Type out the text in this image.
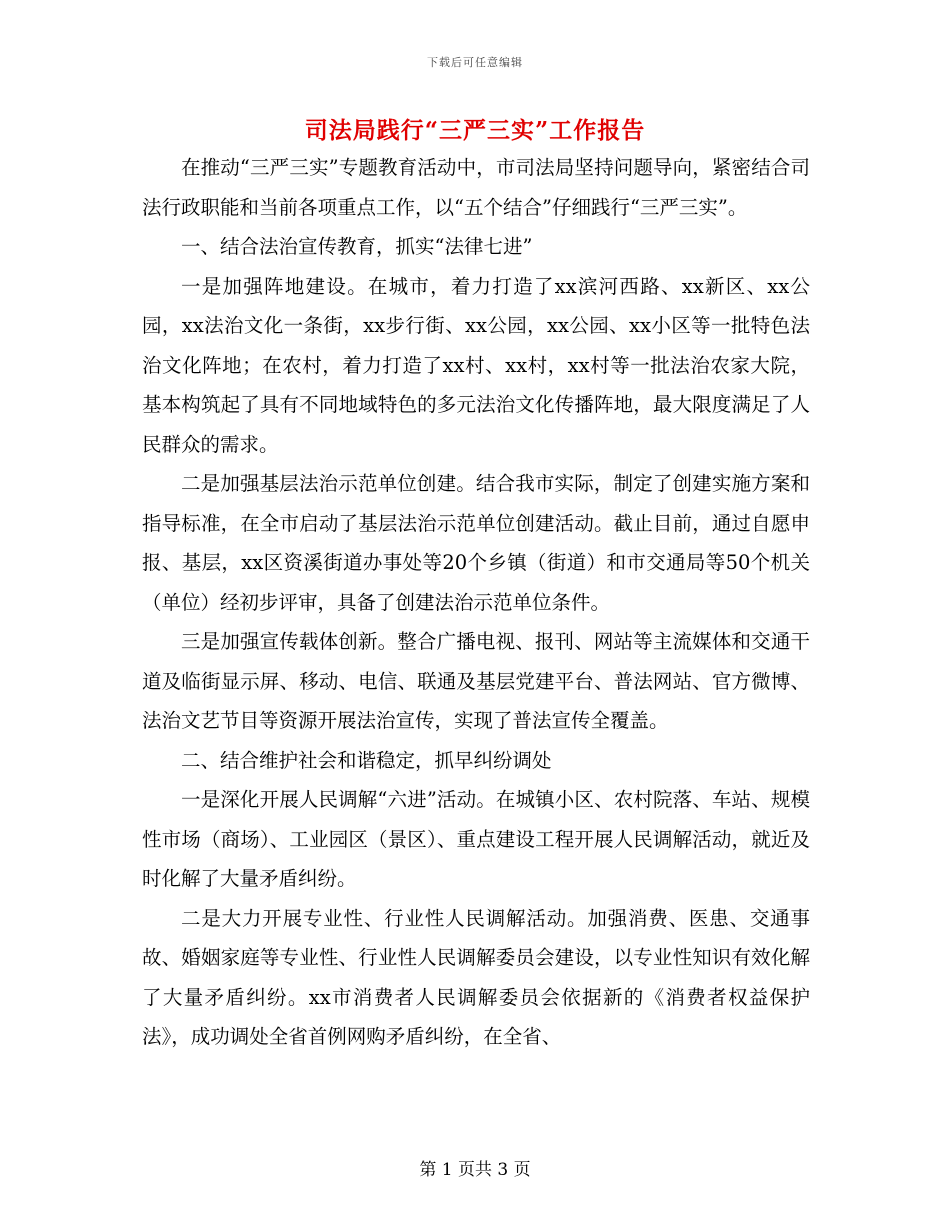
下载后可任意编辑
司法局践行“三严三实”工作报告

在推动“三严三实”专题教育活动中，市司法局坚持问题导向，紧密结合司法行政职能和当前各项重点工作，以“五个结合”仔细践行“三严三实”。

一、结合法治宣传教育，抓实“法律七进”

一是加强阵地建设。在城市，着力打造了xx滨河西路、xx新区、xx公园，xx法治文化一条街，xx步行街、xx公园，xx公园、xx小区等一批特色法治文化阵地；在农村，着力打造了xx村、xx村，xx村等一批法治农家大院，基本构筑起了具有不同地域特色的多元法治文化传播阵地，最大限度满足了人民群众的需求。

二是加强基层法治示范单位创建。结合我市实际，制定了创建实施方案和指导标准，在全市启动了基层法治示范单位创建活动。截止目前，通过自愿申报、基层，xx区资溪街道办事处等20个乡镇（街道）和市交通局等50个机关（单位）经初步评审，具备了创建法治示范单位条件。

三是加强宣传载体创新。整合广播电视、报刊、网站等主流媒体和交通干道及临街显示屏、移动、电信、联通及基层党建平台、普法网站、官方微博、法治文艺节目等资源开展法治宣传，实现了普法宣传全覆盖。

二、结合维护社会和谐稳定，抓早纠纷调处

一是深化开展人民调解“六进”活动。在城镇小区、农村院落、车站、规模性市场（商场）、工业园区（景区）、重点建设工程开展人民调解活动，就近及时化解了大量矛盾纠纷。

二是大力开展专业性、行业性人民调解活动。加强消费、医患、交通事故、婚姻家庭等专业性、行业性人民调解委员会建设，以专业性知识有效化解了大量矛盾纠纷。xx市消费者人民调解委员会依据新的《消费者权益保护法》，成功调处全省首例网购矛盾纠纷，在全省、

第 1 页共 3 页
